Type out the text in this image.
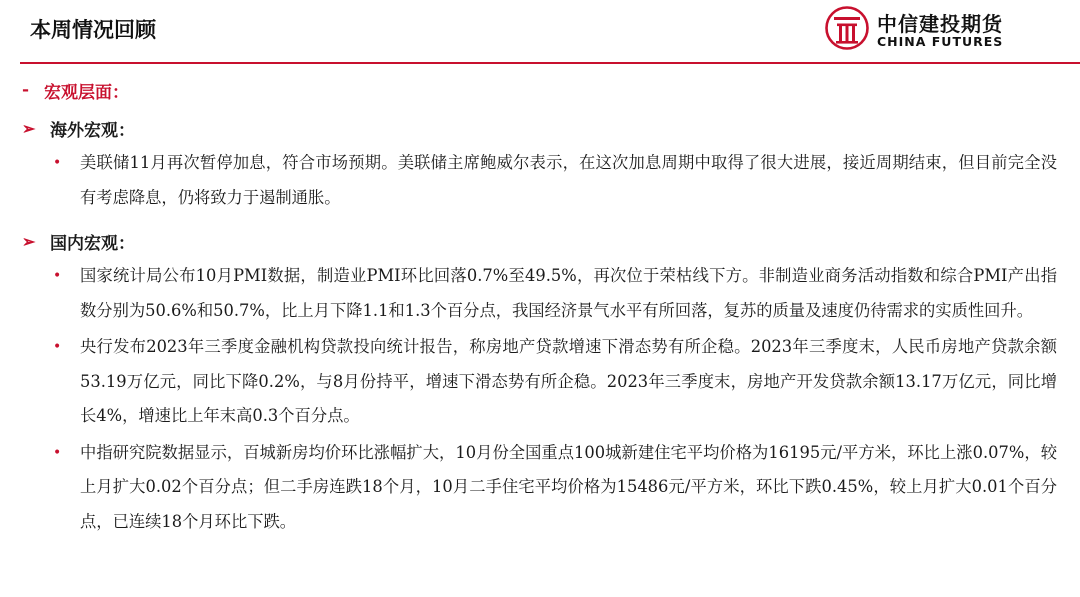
本周情况回顾	中信建投期货
CHINA FUTURES
- 宏观层面：
➢ 海外宏观：
• 美联储11月再次暂停加息，符合市场预期。美联储主席鲍威尔表示，在这次加息周期中取得了很大进展，接近周期结束，但目前完全没有考虑降息，仍将致力于遏制通胀。
➢ 国内宏观：
• 国家统计局公布10月PMI数据，制造业PMI环比回落0.7%至49.5%，再次位于荣枯线下方。非制造业商务活动指数和综合PMI产出指数分别为50.6%和50.7%，比上月下降1.1和1.3个百分点，我国经济景气水平有所回落，复苏的质量及速度仍待需求的实质性回升。
• 央行发布2023年三季度金融机构贷款投向统计报告，称房地产贷款增速下滑态势有所企稳。2023年三季度末，人民币房地产贷款余额53.19万亿元，同比下降0.2%，与8月份持平，增速下滑态势有所企稳。2023年三季度末，房地产开发贷款余额13.17万亿元，同比增长4%，增速比上年末高0.3个百分点。
• 中指研究院数据显示，百城新房均价环比涨幅扩大，10月份全国重点100城新建住宅平均价格为16195元/平方米，环比上涨0.07%，较上月扩大0.02个百分点；但二手房连跌18个月，10月二手住宅平均价格为15486元/平方米，环比下跌0.45%，较上月扩大0.01个百分点，已连续18个月环比下跌。
